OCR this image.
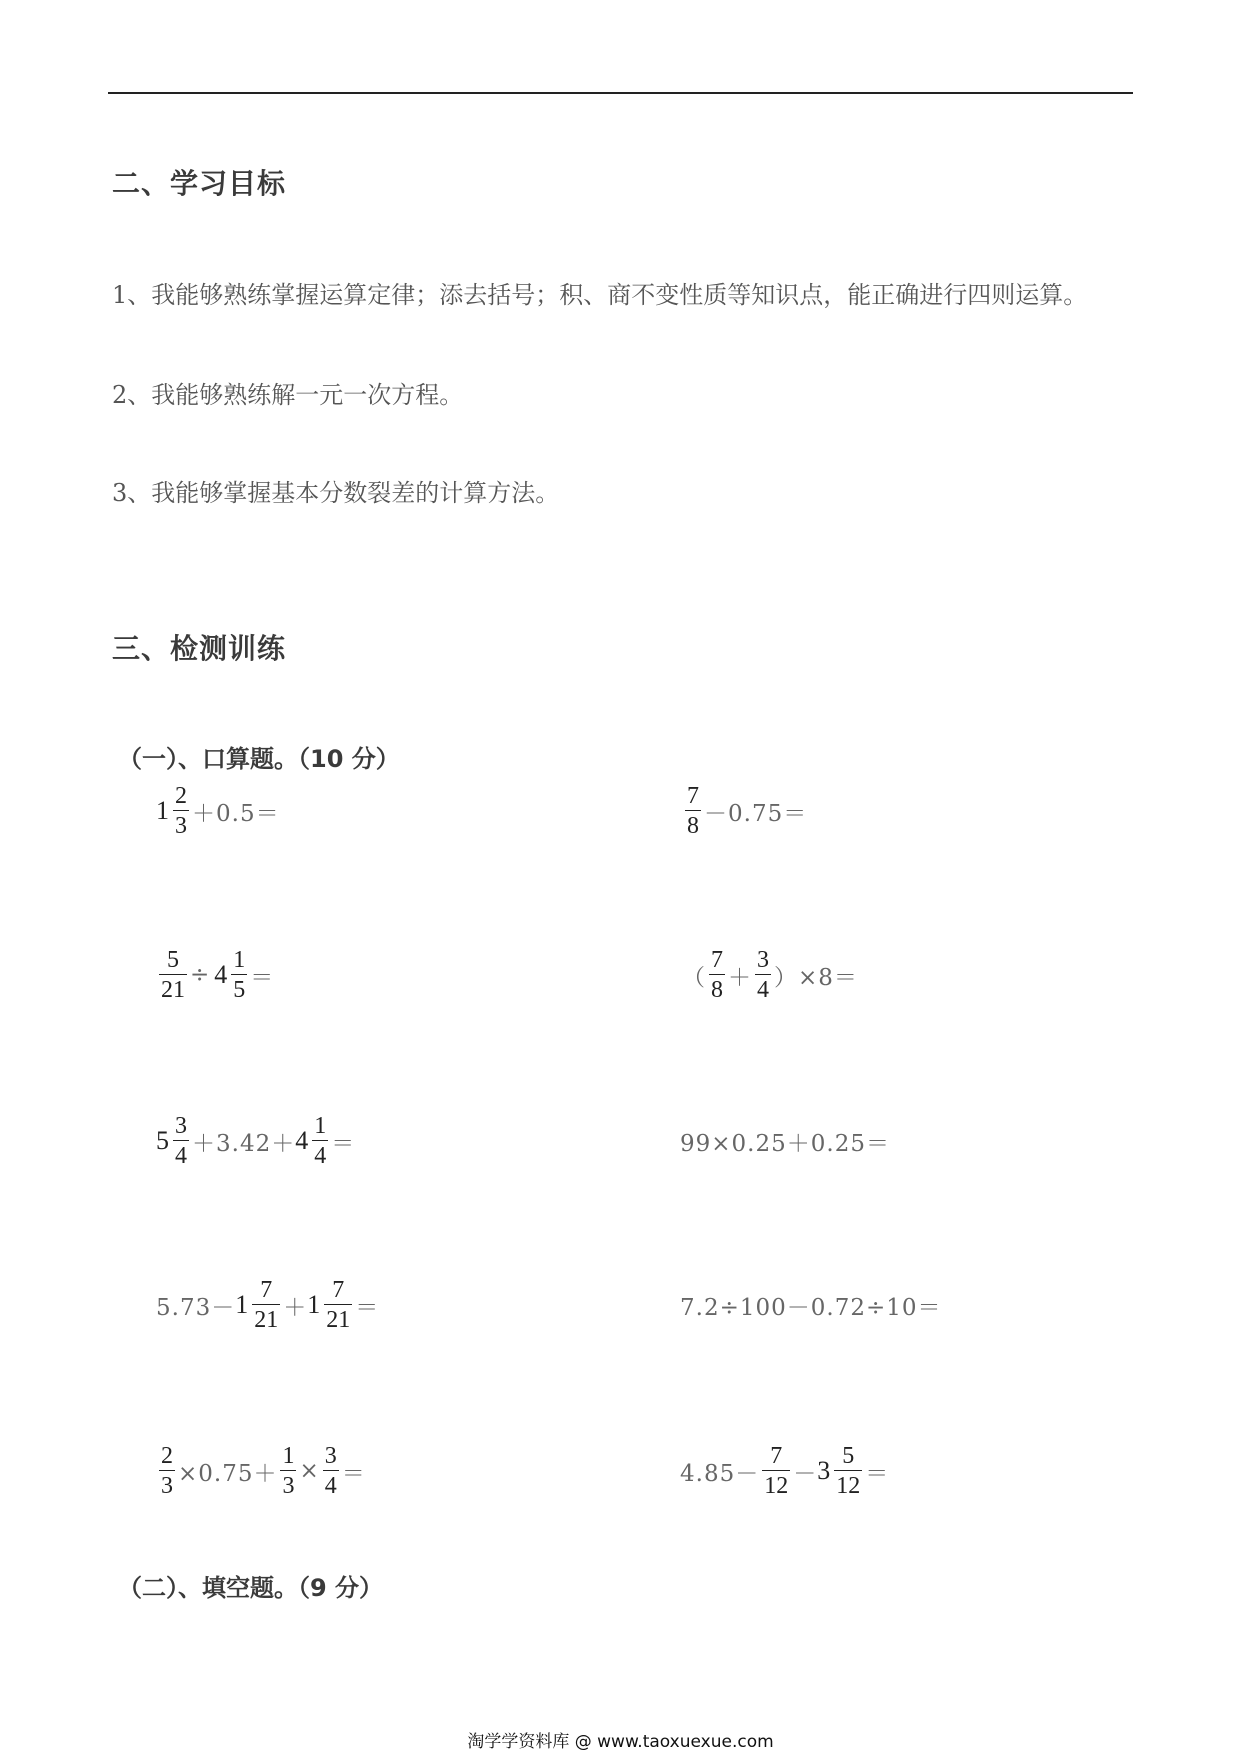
二、学习目标
1、我能够熟练掌握运算定律；添去括号；积、商不变性质等知识点，能正确进行四则运算。
2、我能够熟练解一元一次方程。
3、我能够掌握基本分数裂差的计算方法。
三、检测训练
（一）、口算题。（10 分）
1 2
3 ＋0.5＝
7
8 －0.75＝
5
21
÷ 4 1
5 ＝	（
7
8 ＋
3
4 ）×8＝
5 3
4 ＋3.42＋ 4 1
4 ＝	99×0.25＋0.25＝
5.73－ 1 7
21 ＋ 1 7
21 ＝	7.2÷100－0.72÷10＝
2
3 ×0.75＋
1
3
×
3
4 ＝	4.85－
7
12 － 3 5
12 ＝
（二）、填空题。（9 分）
淘学学资料库 @ www.taoxuexue.com
